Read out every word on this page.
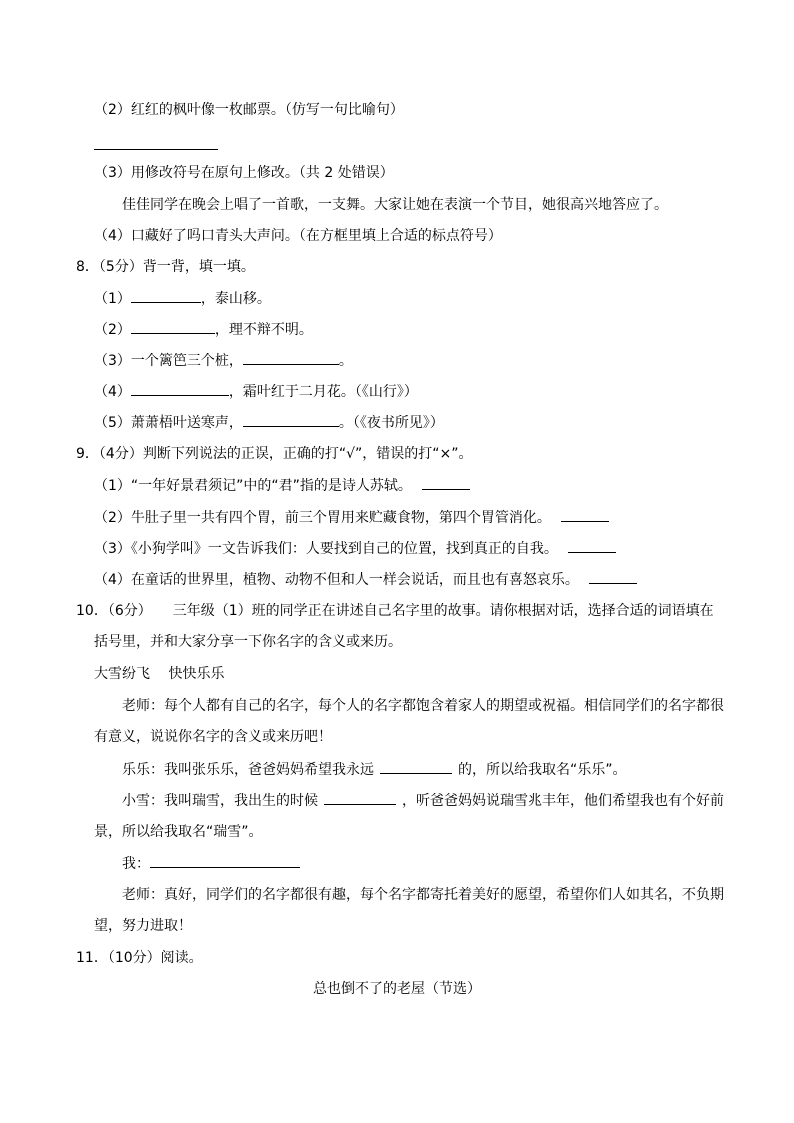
（2）红红的枫叶像一枚邮票。（仿写一句比喻句）
（3）用修改符号在原句上修改。（共 2 处错误）
佳佳同学在晚会上唱了一首歌，一支舞。大家让她在表演一个节目，她很高兴地答应了。
（4）口藏好了吗口青头大声问。（在方框里填上合适的标点符号）
8．（5分）背一背，填一填。
（1）	，泰山移。
（2）	，理不辩不明。
（3）一个篱笆三个桩，	。
（4）	，霜叶红于二月花。（《山行》）
（5）萧萧梧叶送寒声，	。（《夜书所见》）
9．（4分）判断下列说法的正误，正确的打“√”，错误的打“×”。
（1）“一年好景君须记”中的“君”指的是诗人苏轼。
（2）牛肚子里一共有四个胃，前三个胃用来贮藏食物，第四个胃管消化。
（3）《小狗学叫》一文告诉我们：人要找到自己的位置，找到真正的自我。
（4）在童话的世界里，植物、动物不但和人一样会说话，而且也有喜怒哀乐。
10．（6分）　　三年级（1）班的同学正在讲述自己名字里的故事。请你根据对话，选择合适的词语填在
括号里，并和大家分享一下你名字的含义或来历。
大雪纷飞　 快快乐乐
老师：每个人都有自己的名字，每个人的名字都饱含着家人的期望或祝福。相信同学们的名字都很
有意义，说说你名字的含义或来历吧！
乐乐：我叫张乐乐，爸爸妈妈希望我永远	的，所以给我取名“乐乐”。
小雪：我叫瑞雪，我出生的时候	，听爸爸妈妈说瑞雪兆丰年，他们希望我也有个好前
景，所以给我取名“瑞雪”。
我：
老师：真好，同学们的名字都很有趣，每个名字都寄托着美好的愿望，希望你们人如其名，不负期
望，努力进取！
11．（10分）阅读。
总也倒不了的老屋（节选）
